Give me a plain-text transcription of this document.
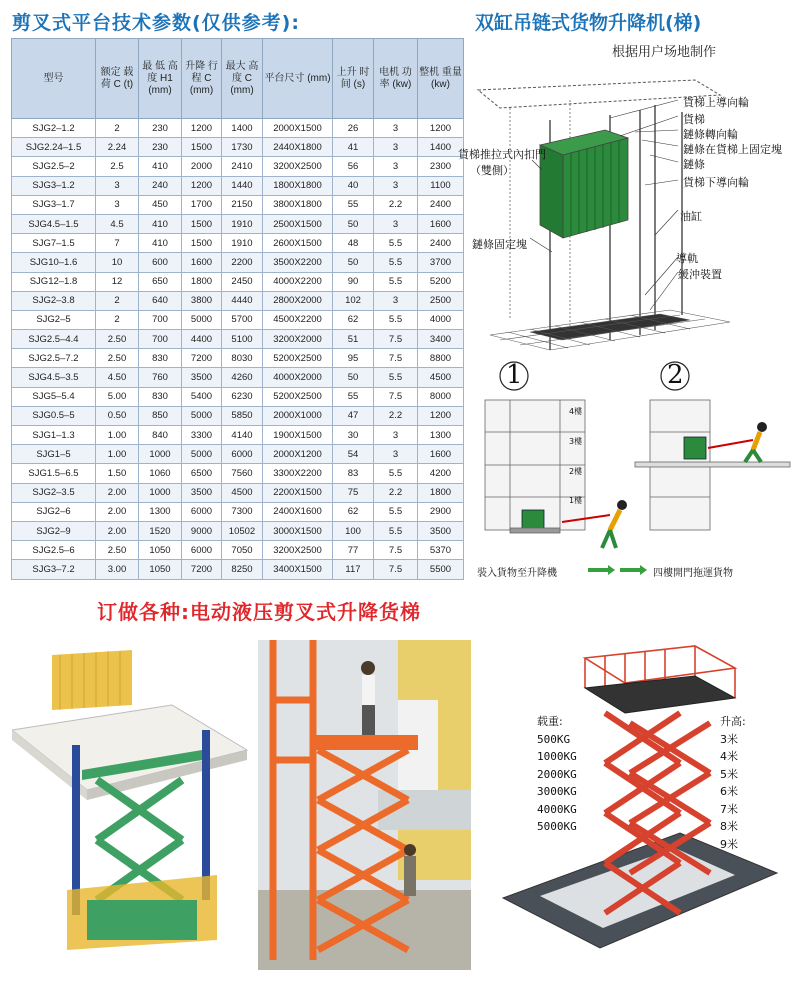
剪叉式平台技术参数(仅供参考):	双缸吊链式货物升降机(梯)
根据用户场地制作
型号	额定 载荷 C (t)	最 低 高 度 H1 (mm)	升降 行程 C (mm)	最大 高度 C (mm)	平台尺寸 (mm)	上升 时间 (s)	电机 功率 (kw)	整机 重量 (kw)
SJG2–1.2	2	230	1200	1400	2000X1500	26	3	1200
SJG2.24–1.5	2.24	230	1500	1730	2440X1800	41	3	1400
SJG2.5–2	2.5	410	2000	2410	3200X2500	56	3	2300
SJG3–1.2	3	240	1200	1440	1800X1800	40	3	1100
SJG3–1.7	3	450	1700	2150	3800X1800	55	2.2	2400
SJG4.5–1.5	4.5	410	1500	1910	2500X1500	50	3	1600
SJG7–1.5	7	410	1500	1910	2600X1500	48	5.5	2400
SJG10–1.6	10	600	1600	2200	3500X2200	50	5.5	3700
SJG12–1.8	12	650	1800	2450	4000X2200	90	5.5	5200
SJG2–3.8	2	640	3800	4440	2800X2000	102	3	2500
SJG2–5	2	700	5000	5700	4500X2200	62	5.5	4000
SJG2.5–4.4	2.50	700	4400	5100	3200X2000	51	7.5	3400
SJG2.5–7.2	2.50	830	7200	8030	5200X2500	95	7.5	8800
SJG4.5–3.5	4.50	760	3500	4260	4000X2000	50	5.5	4500
SJG5–5.4	5.00	830	5400	6230	5200X2500	55	7.5	8000
SJG0.5–5	0.50	850	5000	5850	2000X1000	47	2.2	1200
SJG1–1.3	1.00	840	3300	4140	1900X1500	30	3	1300
SJG1–5	1.00	1000	5000	6000	2000X1200	54	3	1600
SJG1.5–6.5	1.50	1060	6500	7560	3300X2200	83	5.5	4200
SJG2–3.5	2.00	1000	3500	4500	2200X1500	75	2.2	1800
SJG2–6	2.00	1300	6000	7300	2400X1600	62	5.5	2900
SJG2–9	2.00	1520	9000	10502	3000X1500	100	5.5	3500
SJG2.5–6	2.50	1050	6000	7050	3200X2500	77	7.5	5370
SJG3–7.2	3.00	1050	7200	8250	3400X1500	117	7.5	5500
貨梯上導向輪
貨梯
鏈條轉向輪
鏈條在貨梯上固定塊
鏈條
貨梯下導向輪
貨梯推拉式內扣門
（雙側）
油缸
鏈條固定塊
導軌
緩沖裝置
1	2
4樓
3樓
2樓
1樓
裝入貨物至升降機	四樓開門拖運貨物
订做各种:电动液压剪叉式升降货梯
载重:
500KG
1000KG
2000KG
3000KG
4000KG
5000KG
升高:
3米
4米
5米
6米
7米
8米
9米
